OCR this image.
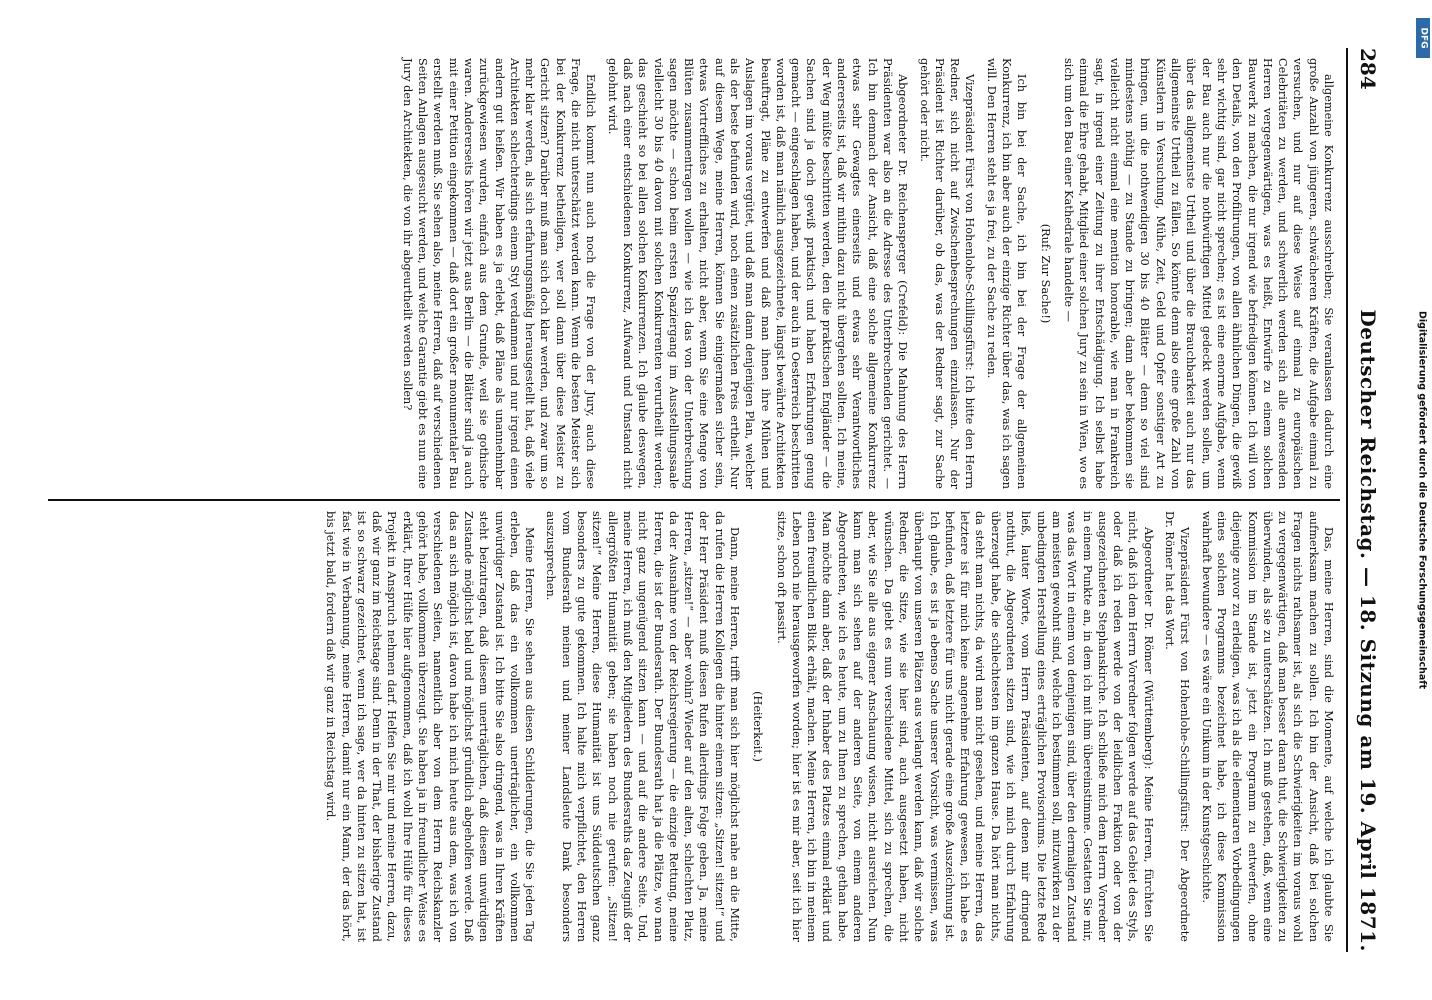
284
Deutscher Reichstag. — 18. Sitzung am 19. April 1871.

allgemeine Konkurrenz ausschreiben; Sie veranlassen dadurch eine große Anzahl von jüngeren, schwächeren Kräften, die Aufgabe einmal zu versuchen, und nur auf diese Weise auf einmal zu europäischen Celebritäten zu werden, und schwerlich werden sich alle anwesenden Herren vergegenwärtigen, was es heißt, Entwürfe zu einem solchen Bauwerk zu machen, die nur irgend wie befriedigen können. Ich will von den Details, von den Profilirungen, von allen ähnlichen Dingen, die gewiß sehr wichtig sind, gar nicht sprechen; es ist eine enorme Aufgabe, wenn der Bau auch nur die nothwürftigen Mittel gedeckt werden sollen, um über das allgemeinste Urtheil und über die Brauchbarkeit auch nur das allgemeinste Urtheil zu fällen. So könnte denn also eine große Zahl von Künstlern in Versuchung, Mühe, Zeit, Geld und Opfer sonstiger Art zu bringen, um die nothwendigen 30 bis 40 Blätter — denn so viel sind mindestens nöthig — zu Stande zu bringen; dann aber bekommen sie vielleicht nicht einmal eine mention honorable, wie man in Frankreich sagt, in irgend einer Zeitung zu ihrer Entschädigung. Ich selbst habe einmal die Ehre gehabt, Mitglied einer solchen Jury zu sein in Wien, wo es sich um den Bau einer Kathedrale handelte —

(Ruf: Zur Sache!)

Ich bin bei der Sache, ich bin bei der Frage der allgemeinen Konkurrenz, ich bin aber auch der einzige Richter über das, was ich sagen will. Den Herren steht es ja frei, zu der Sache zu reden.

Vizepräsident Fürst von Hohenlohe-Schillingsfürst: Ich bitte den Herrn Redner, sich nicht auf Zwischenbesprechungen einzulassen. Nur der Präsident ist Richter darüber, ob das, was der Redner sagt, zur Sache gehört oder nicht.

Abgeordneter Dr. Reichensperger (Crefeld): Die Mahnung des Herrn Präsidenten war also an die Adresse des Unterbrechenden gerichtet. — Ich bin demnach der Ansicht, daß eine solche allgemeine Konkurrenz etwas sehr Gewagtes einerseits und etwas sehr Verantwortliches andererseits ist, daß wir mithin dazu nicht übergehen sollten. Ich meine, der Weg müßte beschritten werden, den die praktischen Engländer — die Sachen sind ja doch gewiß praktisch und haben Erfahrungen genug gemacht — eingeschlagen haben, und der auch in Oesterreich beschritten worden ist, daß man nämlich ausgezeichnete, längst bewährte Architekten beauftragt, Pläne zu entwerfen und daß man ihnen ihre Mühen und Auslagen im voraus vergütet, und daß man dann denjenigen Plan, welcher als der beste befunden wird, noch einen zusätzlichen Preis ertheilt. Nur auf diesem Wege, meine Herren, können Sie einigermaßen sicher sein, etwas Vortreffliches zu erhalten, nicht aber, wenn Sie eine Menge von Blüten zusammentragen wollen — wie ich das von der Unterbrechung sagen möchte — schon beim ersten Spaziergang im Ausstellungssaale vielleicht 30 bis 40 davon mit solchen Konkurrenten verurtheilt werden; das geschieht so bei allen solchen Konkurrenzen. Ich glaube deswegen, daß nach einer entschiedenen Konkurrenz, Aufwand und Umstand nicht gelohnt wird.

Endlich kommt nun auch noch die Frage von der Jury, auch diese Frage, die nicht unterschätzt werden kann. Wenn die besten Meister sich bei der Konkurrenz betheiligen, wer soll dann über diese Meister zu Gericht sitzen? Darüber muß man sich doch klar werden, und zwar um so mehr klar werden, als sich erfahrungsmäßig herausgestellt hat, daß viele Architekten schlechterdings einem Styl verdammen und nur irgend einen andern gut heißen. Wir haben es ja erlebt, daß Pläne als unannehmbar zurückgewiesen wurden, einfach aus dem Grunde, weil sie gothische waren. Andererseits hören wir jetzt aus Berlin — die Blätter sind ja auch mit einer Petition eingekommen — daß dort ein großer monumentaler Bau erstellt werden muß. Sie sehen also, meine Herren, daß auf verschiedenen Seiten Anlagen ausgesucht werden, und welche Garantie giebt es nun eine Jury den Architekten, die von ihr abgeurtheilt werden sollen?

Das, meine Herren, sind die Momente, auf welche ich glaubte Sie aufmerksam machen zu sollen. Ich bin der Ansicht, daß bei solchen Fragen nichts rathsamer ist, als sich die Schwierigkeiten im voraus wohl zu vergegenwärtigen, daß man besser daran thut, die Schwierigkeiten zu überwinden, als sie zu unterschätzen. Ich muß gestehen, daß, wenn eine Kommission im Stande ist, jetzt ein Programm zu entwerfen, ohne diejenige zuvor zu erledigen, was ich als die elementaren Vorbedingungen eines solchen Programms bezeichnet habe, ich diese Kommission wahrhaft bewundere — es wäre ein Unikum in der Kunstgeschichte.

Vizepräsident Fürst von Hohenlohe-Schillingsfürst: Der Abgeordnete Dr. Römer hat das Wort.

Abgeordneter Dr. Römer (Württemberg): Meine Herren, fürchten Sie nicht, daß ich dem Herrn Vorredner folgen werde auf das Gebiet des Styls, oder daß ich reden werde von der leidlichen Fraktion oder von der ausgezeichneten Stephanskirche. Ich schließe mich dem Herrn Vorredner in einem Punkte an, in dem ich mit ihm übereinstimme. Gestatten Sie mir, was das Wort in einem von demjenigen sind, über den dermaligen Zustand am meisten gewohnt sind, welche ich bestimmen soll, mitzuwirken zu der unbedingten Herstellung eines erträglichen Provisoriums. Die letzte Rede ließ, lauter Worte, vom Herrn Präsidenten, auf denen mir dringend notthut, die Abgeordneten sitzen sind, wie ich mich durch Erfahrung überzeugt habe, die schlechtesten im ganzen Hause. Da hört man nichts, da steht man nichts, da wird man nicht gesehen, und meine Herren, das letztere ist für mich keine angenehme Erfahrung gewesen, ich habe es befunden, daß letztere für uns nicht gerade eine große Auszeichnung ist. Ich glaube, es ist ja ebenso Sache unserer Vorsicht, was vermissen, was überhaupt von unseren Plätzen aus verlangt werden kann, daß wir solche Redner, die Sitze, wie sie hier sind, auch ausgesetzt haben, nicht wünschen. Da giebt es nun verschiedene Mittel, sich zu sprechen, die aber, wie Sie alle aus eigener Anschauung wissen, nicht ausreichen. Nun kann man sich sehen auf der anderen Seite, von einem anderen Abgeordneten, wie ich es heute, um zu Ihnen zu sprechen, gethan habe. Man möchte dann aber, daß der Inhaber des Platzes einmal erklärt und einen freundlichen Blick erhält, machen. Meine Herren, ich bin in meinem Leben noch nie herausgeworfen worden; hier ist es mir aber, seit ich hier sitze, schon oft passirt.

(Heiterkeit.)

Dann, meine Herren, trifft man sich hier möglichst nahe an die Mitte, da rufen die Herren Kollegen die hinter einem sitzen: „Sitzen! sitzen!“ und der Herr Präsident muß diesen Rufen allerdings Folge geben. Ja, meine Herren, „sitzen!“ — aber wohin? Wieder auf den alten, schlechten Platz, da der Ausnahme von der Reichsregierung — die einzige Rettung, meine Herren, die ist der Bundesrath. Der Bundesrath hat ja die Plätze, wo man nicht ganz ungenügend sitzen kann — und auf die andere Seite. Und, meine Herren, ich muß den Mitgliedern des Bundesraths das Zeugniß der allergrößten Humanität geben; sie haben noch nie gerufen: „Sitzen! sitzen!“ Meine Herren, diese Humanität ist uns Süddeutschen ganz besonders zu gute gekommen. Ich halte mich verpflichtet, den Herren vom Bundesrath meinen und meiner Landsleute Dank besonders auszusprechen.

Meine Herren, Sie sehen aus diesen Schilderungen, die Sie jeden Tag erleben, daß das ein vollkommen unerträglicher, ein vollkommen unwürdiger Zustand ist. Ich bitte Sie also dringend, was in Ihren Kräften steht beizutragen, daß diesem unerträglichen, daß diesem unwürdigen Zustande möglichst bald und möglichst gründlich abgeholfen werde. Daß das an sich möglich ist, davon habe ich mich heute aus dem, was ich von verschiedenen Seiten, namentlich aber von dem Herrn Reichskanzler gehört habe, vollkommen überzeugt. Sie haben ja in freundlicher Weise es erklärt, Ihrer Hülfe hier aufgenommen, daß ich wohl Ihre Hülfe für dieses Projekt in Anspruch nehmen darf. Helfen Sie mir und meine Herren, dazu, daß wir ganz im Reichstage sind. Denn in der That, der bisherige Zustand ist so schwarz gezeichnet, wenn ich sage, wer da hinten zu sitzen hat, ist fast wie in Verbannung, meine Herren, damit nur ein Mann, der das hört, bis jetzt bald, fordern daß wir ganz in Reichstag wird.

DFG
Digitalisierung gefördert durch die Deutsche Forschungsgemeinschaft
